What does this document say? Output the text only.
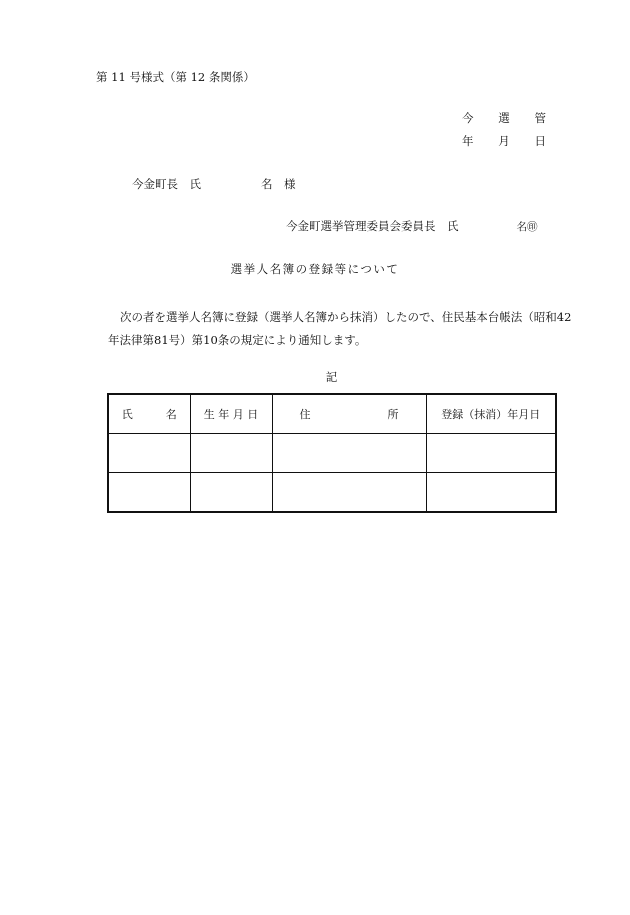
第 11 号様式（第 12 条関係）
今 選 管
年 月 日
今金町長　氏	名　様
今金町選挙管理委員会委員長　氏	名㊞
選挙人名簿の登録等について
次の者を選挙人名簿に登録（選挙人名簿から抹消）したので、住民基本台帳法（昭和42年法律第81号）第10条の規定により通知します。
記
氏　　　名	生 年 月 日	住　　　　　　　所	登録（抹消）年月日
